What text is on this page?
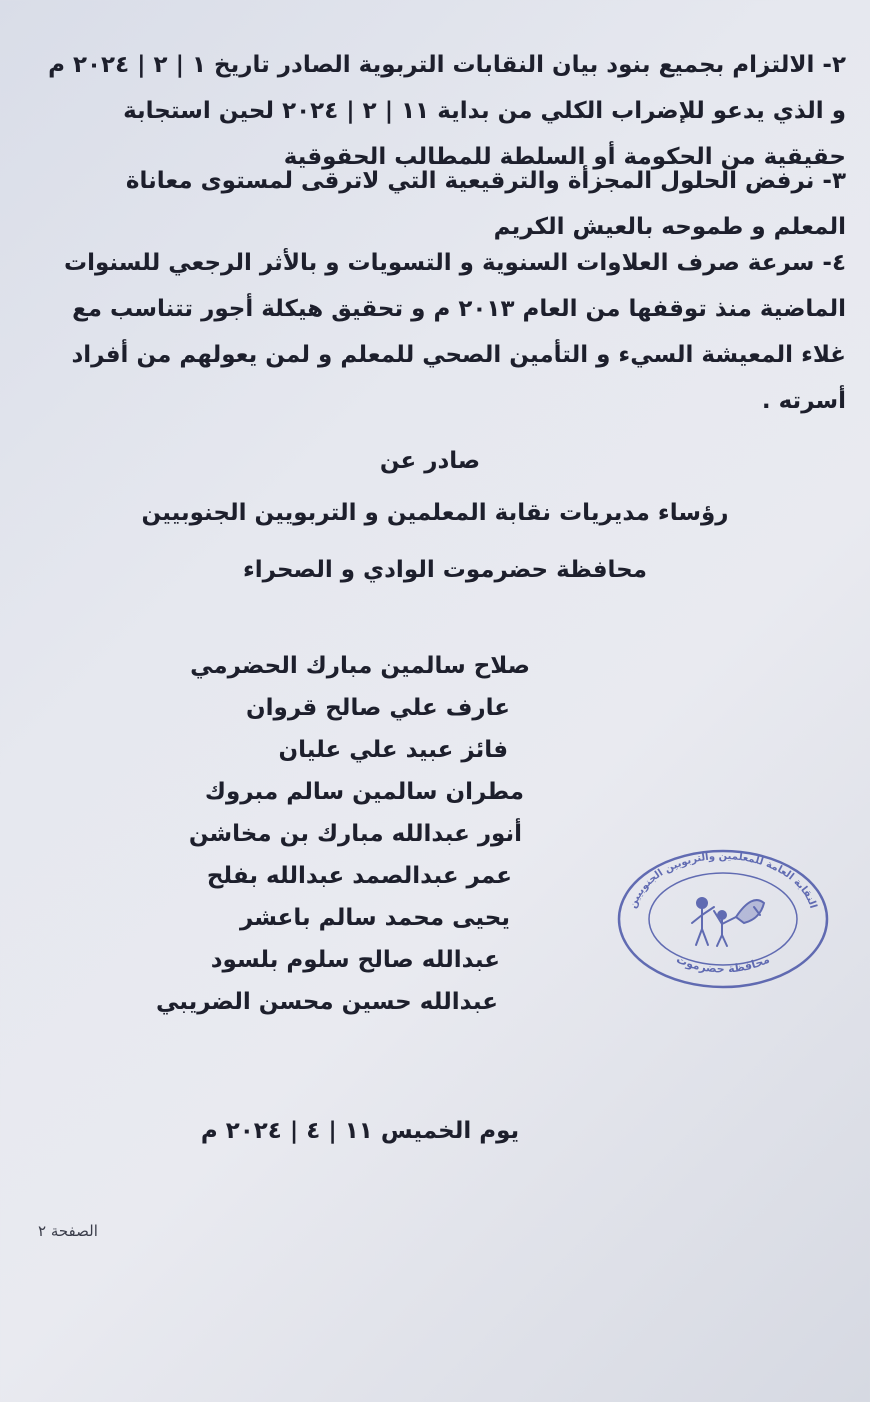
٢- الالتزام بجميع بنود بيان النقابات التربوية الصادر تاريخ ١ | ٢ | ٢٠٢٤ م و الذي يدعو للإضراب الكلي من بداية ١١ | ٢ | ٢٠٢٤ لحين استجابة حقيقية من الحكومة أو السلطة للمطالب الحقوقية

٣- نرفض الحلول المجزأة والترقيعية التي لاترقى لمستوى معاناة المعلم و طموحه بالعيش الكريم

٤- سرعة صرف العلاوات السنوية و التسويات و بالأثر الرجعي للسنوات الماضية منذ توقفها من العام ٢٠١٣ م و تحقيق هيكلة أجور تتناسب مع غلاء المعيشة السيء و التأمين الصحي للمعلم و لمن يعولهم من أفراد أسرته .

صادر عن
رؤساء مديريات نقابة المعلمين و التربويين الجنوبيين
محافظة حضرموت الوادي و الصحراء
صلاح سالمين مبارك الحضرمي
عارف علي صالح قروان
فائز عبيد علي عليان
مطران سالمين سالم مبروك
أنور عبدالله مبارك بن مخاشن
عمر عبدالصمد عبدالله بفلح
يحيى محمد سالم باعشر
عبدالله صالح سلوم بلسود
عبدالله حسين محسن الضريبي
النقابة العامة للمعلمين والتربويين الجنوبيين
محافظة حضرموت
يوم الخميس ١١ | ٤ | ٢٠٢٤ م
الصفحة ٢
